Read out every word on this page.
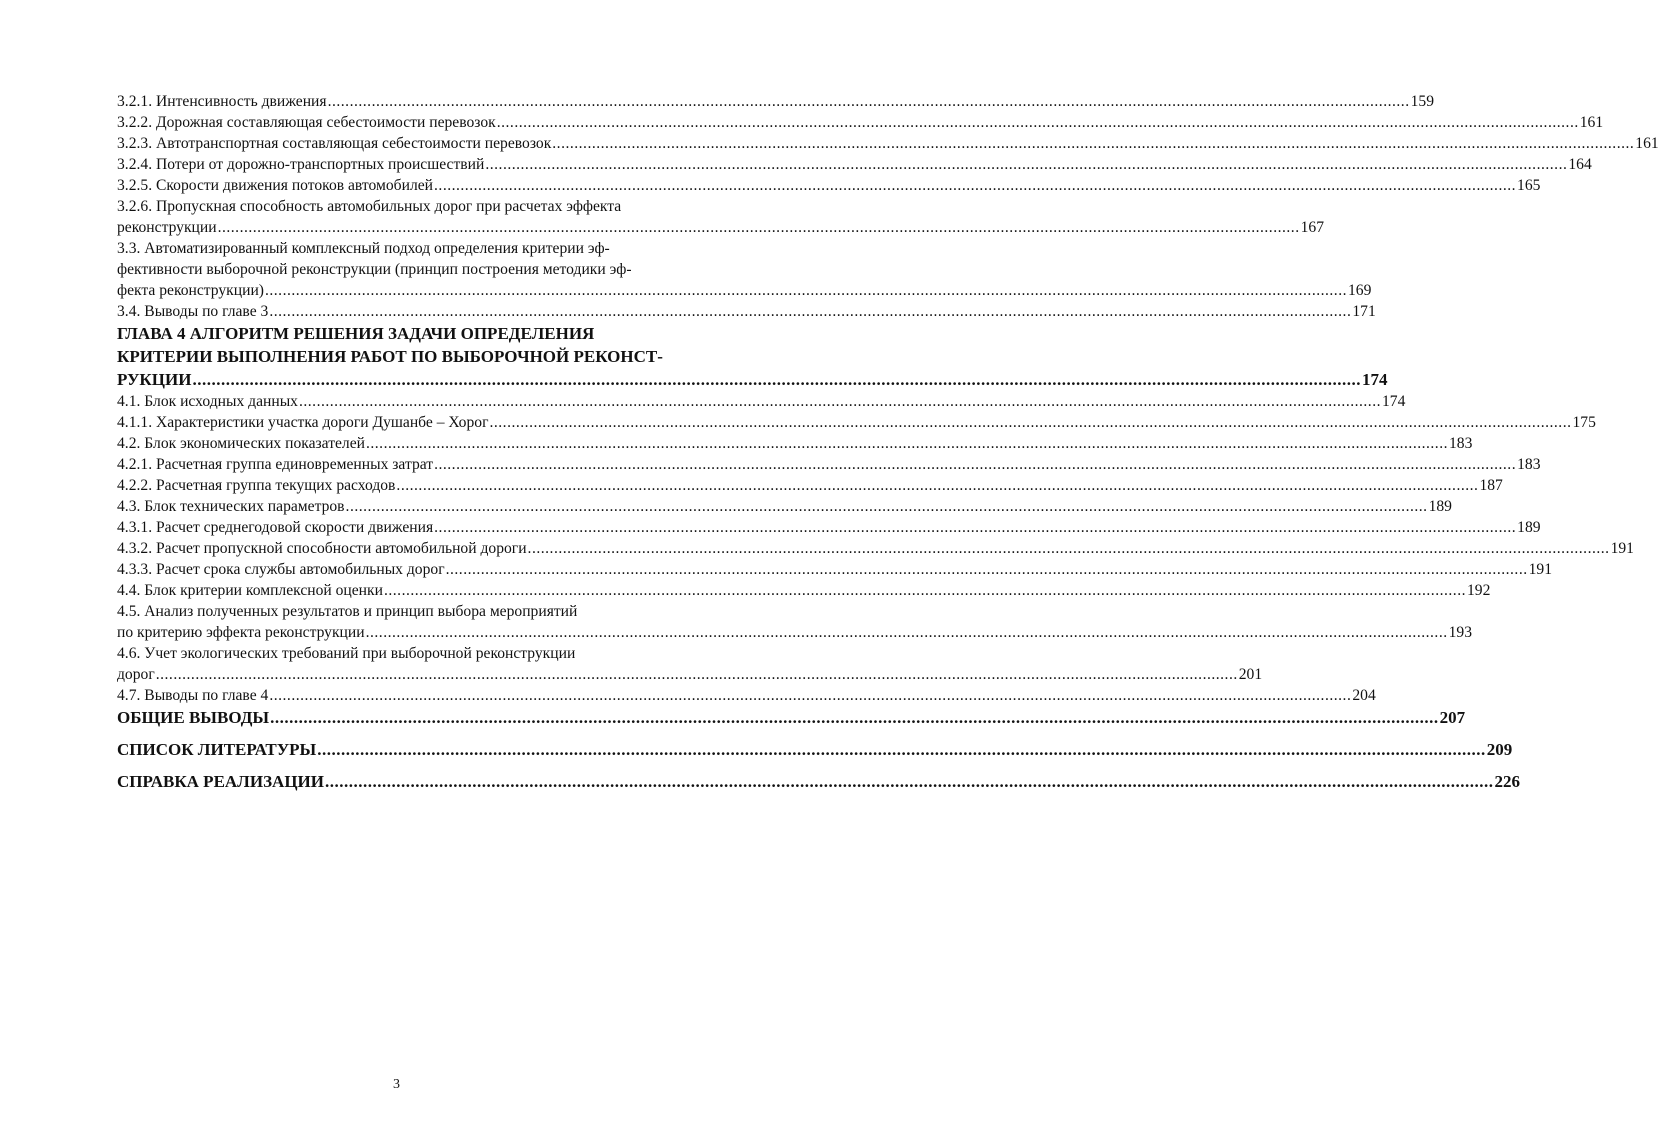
3.2.1. Интенсивность движения .....	159
3.2.2. Дорожная составляющая себестоимости перевозок .....	161
3.2.3. Автотранспортная составляющая себестоимости перевозок .....	161
3.2.4. Потери от дорожно-транспортных происшествий .....	164
3.2.5. Скорости движения потоков автомобилей .....	165
3.2.6. Пропускная способность автомобильных дорог при расчетах эффекта
реконструкции .....	167
3.3. Автоматизированный комплексный подход определения критерии эф-
фективности выборочной реконструкции (принцип построения методики эф-
фекта реконструкции) .....	169
3.4. Выводы по главе 3 .....	171
ГЛАВА 4 АЛГОРИТМ РЕШЕНИЯ ЗАДАЧИ ОПРЕДЕЛЕНИЯ
КРИТЕРИИ ВЫПОЛНЕНИЯ РАБОТ ПО ВЫБОРОЧНОЙ РЕКОНСТ-
РУКЦИИ .....	174
4.1. Блок исходных данных .....	174
4.1.1. Характеристики участка дороги Душанбе – Хорог .....	175
4.2. Блок экономических показателей .....	183
4.2.1. Расчетная группа единовременных затрат .....	183
4.2.2. Расчетная группа текущих расходов .....	187
4.3. Блок технических параметров .....	189
4.3.1. Расчет среднегодовой скорости движения .....	189
4.3.2. Расчет пропускной способности автомобильной дороги .....	191
4.3.3. Расчет срока службы автомобильных дорог .....	191
4.4. Блок критерии комплексной оценки .....	192
4.5. Анализ полученных результатов и принцип выбора мероприятий
по критерию эффекта реконструкции .....	193
4.6. Учет экологических требований при выборочной реконструкции
дорог .....	201
4.7. Выводы по главе 4 .....	204
ОБЩИЕ ВЫВОДЫ .....	207
СПИСОК ЛИТЕРАТУРЫ .....	209
СПРАВКА РЕАЛИЗАЦИИ .....	226
3
